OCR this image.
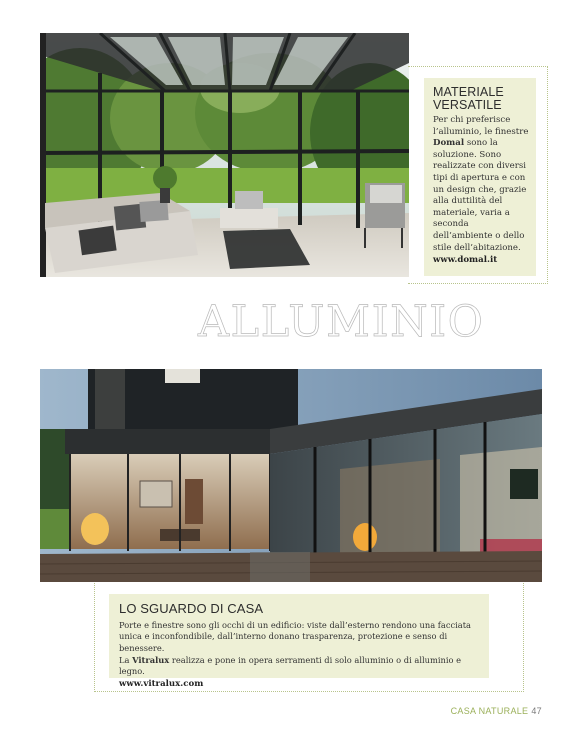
MATERIALE
VERSATILE
Per chi preferisce l’alluminio, le finestre Domal sono la soluzione. Sono realizzate con diversi tipi di apertura e con un design che, grazie alla duttilità del materiale, varia a seconda dell’ambiente o dello stile dell’abitazione.
www.domal.it
ALLUMINIO
LO SGUARDO DI CASA
Porte e finestre sono gli occhi di un edificio: viste dall’esterno rendono una facciata
unica e inconfondibile, dall’interno donano trasparenza, protezione e senso di benessere.
La Vitralux realizza e pone in opera serramenti di solo alluminio o di alluminio e legno.
www.vitralux.com
CASA NATURALE 47
